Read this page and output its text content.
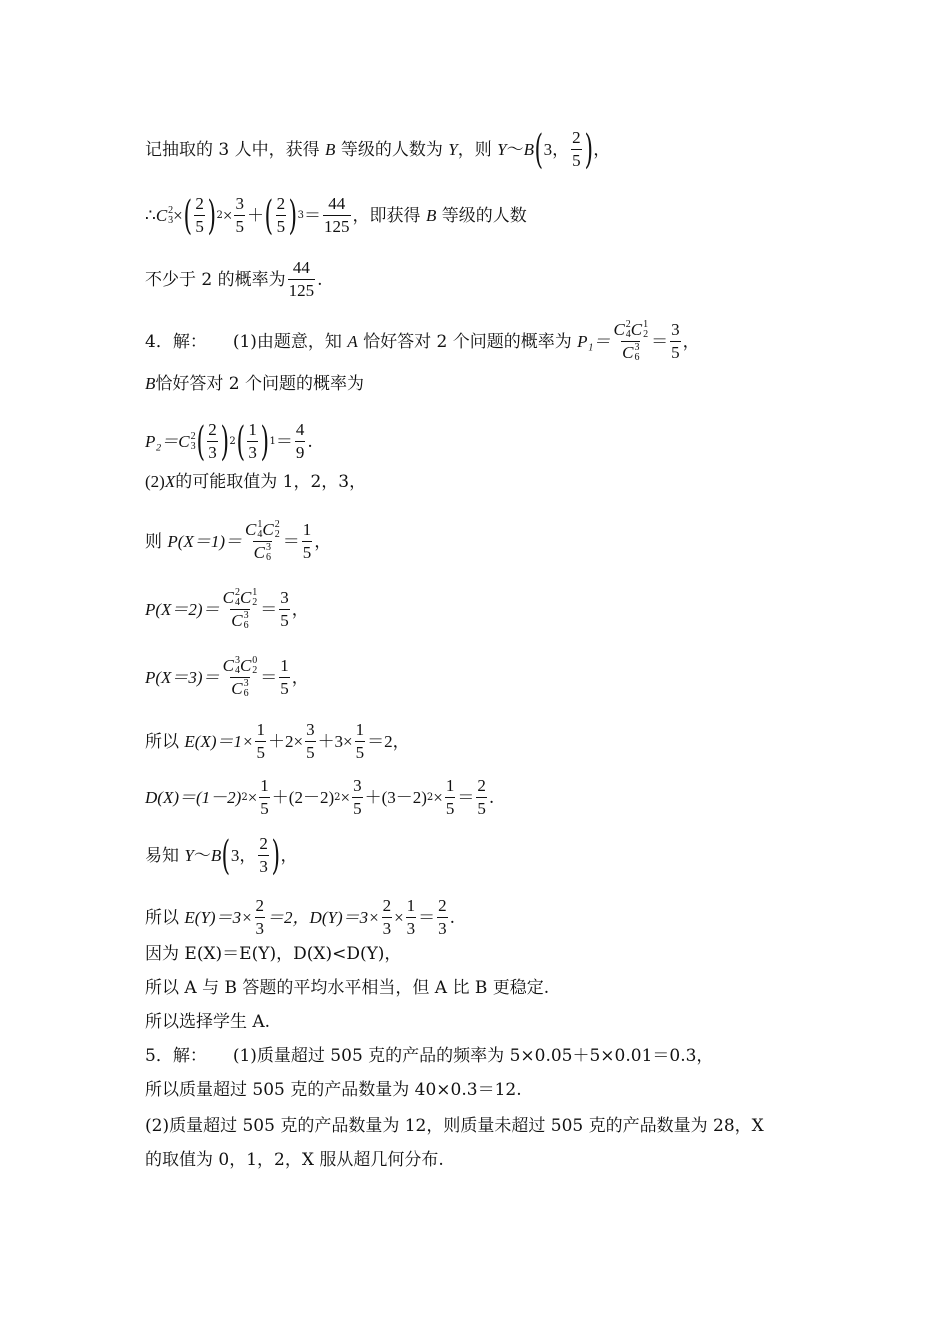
记抽取的 3 人中，获得 B 等级的人数为 Y ，则 Y ～ B ( 3， $\frac{2}{5}$ ) ，
∴ C 2
3 × ( $\frac{2}{5}$ ) $2 \times \frac{3}{5}$ ＋ ( $\frac{2}{5}$ ) $3 = \frac{44}{125}$ ，即获得 B 等级的人数
不少于 2 的概率为 $\frac{44}{125}$ .
4．解： (1)由题意，知 A 恰好答对 2 个问题的概率为 P₁＝ C 2
4 C 1
2
C 3
$6 = \frac{3}{5}$ ，
B 恰好答对 2 个问题的概率为
P₂＝ C 2
3 ( $\frac{2}{3}$ ) 2 ( $\frac{1}{3}$ ) $1 = \frac{4}{9}$ .
(2) X 的可能取值为 1，2，3，
则 P(X＝1)＝ C 1
4 C 2
2
C 3
$6 = \frac{1}{5}$ ，
P(X＝2)＝ C 2
4 C 1
2
C 3
$6 = \frac{3}{5}$ ，
P(X＝3)＝ C 3
4 C 0
2
C 3
$6 = \frac{1}{5}$ ，
所以 $E(X)=1\times \frac{1}{5} +2\times \frac{3}{5} +3\times \frac{1}{5} =2$，
D(X)＝(1－2) $2 \times \frac{1}{5} +(2-2) 2 \times \frac{3}{5} +(3-2) 2 \times \frac{1}{5} = \frac{2}{5}$ .
易知 Y ～ B ( 3， $\frac{2}{3}$ ) ，
所以 $E(Y)=3\times \frac{2}{3} =2$，$D(Y)=3\times \frac{2}{3} \times \frac{1}{3} = \frac{2}{3}$ .
因为 E(X)＝E(Y)，D(X)<D(Y)，
所以 A 与 B 答题的平均水平相当，但 A 比 B 更稳定.
所以选择学生 A.
5．解： (1)质量超过 505 克的产品的频率为 5×0.05＋5×0.01＝0.3，
所以质量超过 505 克的产品数量为 40×0.3＝12.
(2)质量超过 505 克的产品数量为 12，则质量未超过 505 克的产品数量为 28，X
的取值为 0，1，2，X 服从超几何分布.
